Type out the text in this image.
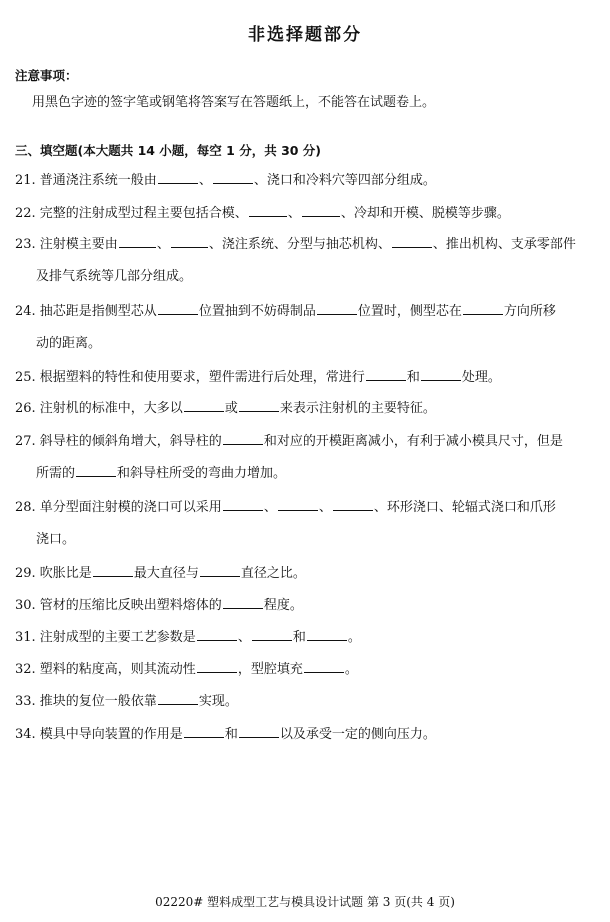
非选择题部分
注意事项：
用黑色字迹的签字笔或钢笔将答案写在答题纸上，不能答在试题卷上。
三、填空题(本大题共 14 小题，每空 1 分，共 30 分)
21. 普通浇注系统一般由	、	、浇口和冷料穴等四部分组成。
22. 完整的注射成型过程主要包括合模、	、	、冷却和开模、脱模等步骤。
23. 注射模主要由	、	、浇注系统、分型与抽芯机构、	、推出机构、支承零部件
及排气系统等几部分组成。
24. 抽芯距是指侧型芯从	位置抽到不妨碍制品	位置时，侧型芯在	方向所移
动的距离。
25. 根据塑料的特性和使用要求，塑件需进行后处理，常进行	和	处理。
26. 注射机的标准中，大多以	或	来表示注射机的主要特征。
27. 斜导柱的倾斜角增大，斜导柱的	和对应的开模距离减小，有利于减小模具尺寸，但是
所需的	和斜导柱所受的弯曲力增加。
28. 单分型面注射模的浇口可以采用	、	、	、环形浇口、轮辐式浇口和爪形
浇口。
29. 吹胀比是	最大直径与	直径之比。
30. 管材的压缩比反映出塑料熔体的	程度。
31. 注射成型的主要工艺参数是	、	和	。
32. 塑料的粘度高，则其流动性	，型腔填充	。
33. 推块的复位一般依靠	实现。
34. 模具中导向装置的作用是	和	以及承受一定的侧向压力。
02220# 塑料成型工艺与模具设计试题 第 3 页(共 4 页)
